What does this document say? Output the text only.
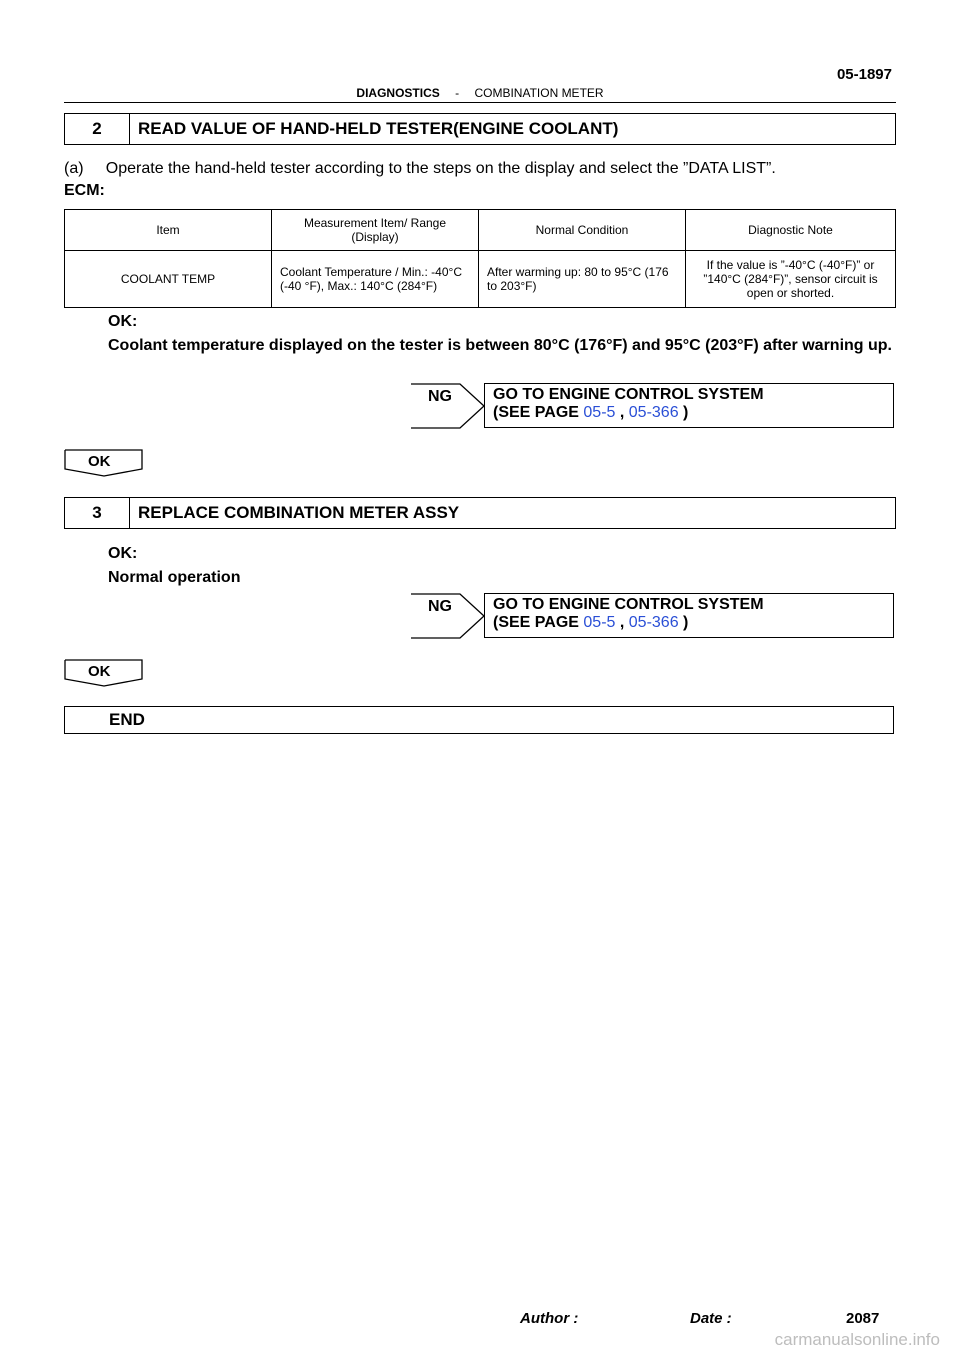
05-1897
DIAGNOSTICS - COMBINATION METER
2	READ VALUE OF HAND-HELD TESTER(ENGINE COOLANT)
(a)     Operate the hand-held tester according to the steps on the display and select the ”DATA LIST”.
ECM:
Item	Measurement Item/ Range (Display)	Normal Condition	Diagnostic Note
COOLANT TEMP	Coolant Temperature / Min.: -40°C (-40 °F), Max.: 140°C (284°F)	After warming up: 80 to 95°C (176 to 203°F)	If the value is ”-40°C (-40°F)” or ”140°C (284°F)”, sensor circuit is open or shorted.
OK:
Coolant temperature displayed on the tester is between 80°C (176°F) and 95°C (203°F) after warning up.
NG	GO TO ENGINE CONTROL SYSTEM
(SEE PAGE 05-5 , 05-366 )
OK
3	REPLACE COMBINATION METER ASSY
OK:
Normal operation
NG	GO TO ENGINE CONTROL SYSTEM
(SEE PAGE 05-5 , 05-366 )
OK
END
Author :	Date :	2087
carmanualsonline.info
